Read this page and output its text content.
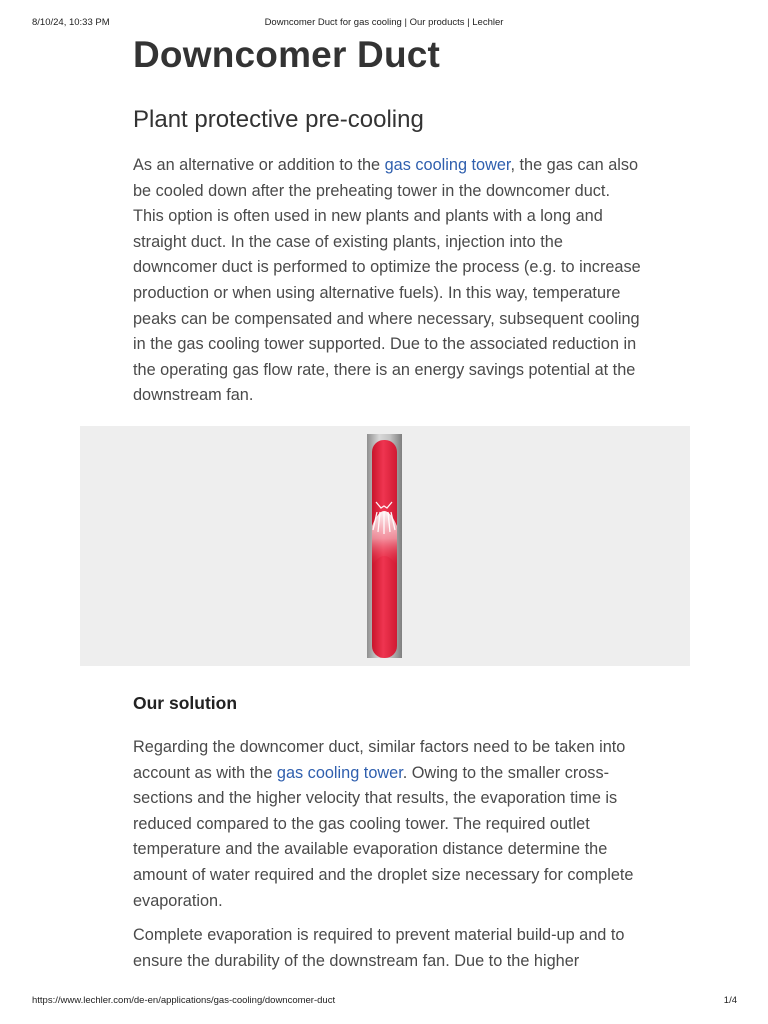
8/10/24, 10:33 PM	Downcomer Duct for gas cooling | Our products | Lechler
Downcomer Duct
Plant protective pre-cooling

As an alternative or addition to the gas cooling tower, the gas can also be cooled down after the preheating tower in the downcomer duct. This option is often used in new plants and plants with a long and straight duct. In the case of existing plants, injection into the downcomer duct is performed to optimize the process (e.g. to increase production or when using alternative fuels). In this way, temperature peaks can be compensated and where necessary, subsequent cooling in the gas cooling tower supported. Due to the associated reduction in the operating gas flow rate, there is an energy savings potential at the downstream fan.

Our solution

Regarding the downcomer duct, similar factors need to be taken into account as with the gas cooling tower. Owing to the smaller cross-sections and the higher velocity that results, the evaporation time is reduced compared to the gas cooling tower. The required outlet temperature and the available evaporation distance determine the amount of water required and the droplet size necessary for complete evaporation.

Complete evaporation is required to prevent material build-up and to ensure the durability of the downstream fan. Due to the higher

https://www.lechler.com/de-en/applications/gas-cooling/downcomer-duct	1/4
